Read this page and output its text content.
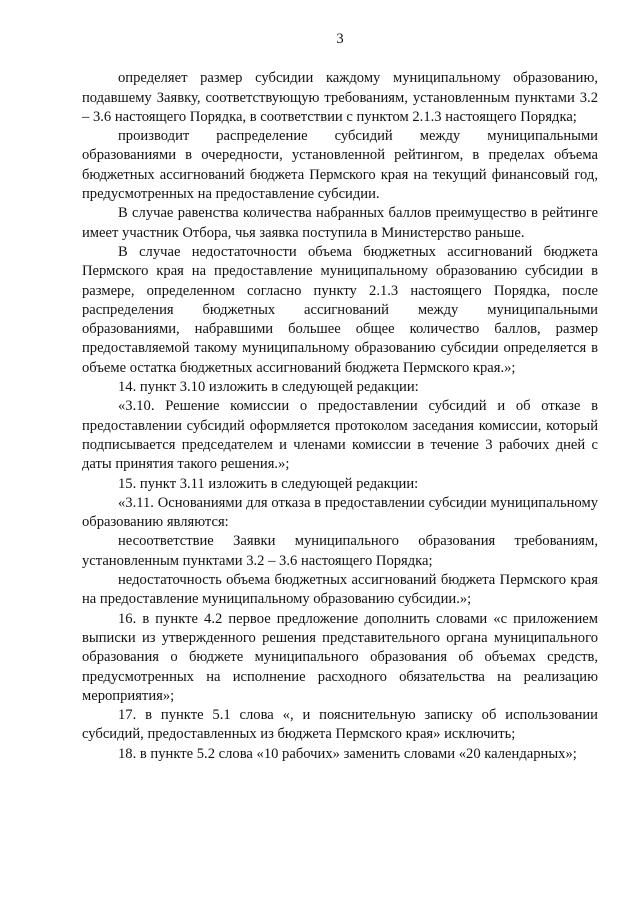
3

определяет размер субсидии каждому муниципальному образованию, подавшему Заявку, соответствующую требованиям, установленным пунктами 3.2 – 3.6 настоящего Порядка, в соответствии с пунктом 2.1.3 настоящего Порядка;

производит распределение субсидий между муниципальными образованиями в очередности, установленной рейтингом, в пределах объема бюджетных ассигнований бюджета Пермского края на текущий финансовый год, предусмотренных на предоставление субсидии.

В случае равенства количества набранных баллов преимущество в рейтинге имеет участник Отбора, чья заявка поступила в Министерство раньше.

В случае недостаточности объема бюджетных ассигнований бюджета Пермского края на предоставление муниципальному образованию субсидии в размере, определенном согласно пункту 2.1.3 настоящего Порядка, после распределения бюджетных ассигнований между муниципальными образованиями, набравшими большее общее количество баллов, размер предоставляемой такому муниципальному образованию субсидии определяется в объеме остатка бюджетных ассигнований бюджета Пермского края.»;

14. пункт 3.10 изложить в следующей редакции:

«3.10. Решение комиссии о предоставлении субсидий и об отказе в предоставлении субсидий оформляется протоколом заседания комиссии, который подписывается председателем и членами комиссии в течение 3 рабочих дней с даты принятия такого решения.»;

15. пункт 3.11 изложить в следующей редакции:

«3.11. Основаниями для отказа в предоставлении субсидии муниципальному образованию являются:

несоответствие Заявки муниципального образования требованиям, установленным пунктами 3.2 – 3.6 настоящего Порядка;

недостаточность объема бюджетных ассигнований бюджета Пермского края на предоставление муниципальному образованию субсидии.»;

16. в пункте 4.2 первое предложение дополнить словами «с приложением выписки из утвержденного решения представительного органа муниципального образования о бюджете муниципального образования об объемах средств, предусмотренных на исполнение расходного обязательства на реализацию мероприятия»;

17. в пункте 5.1 слова «, и пояснительную записку об использовании субсидий, предоставленных из бюджета Пермского края» исключить;

18. в пункте 5.2 слова «10 рабочих» заменить словами «20 календарных»;
